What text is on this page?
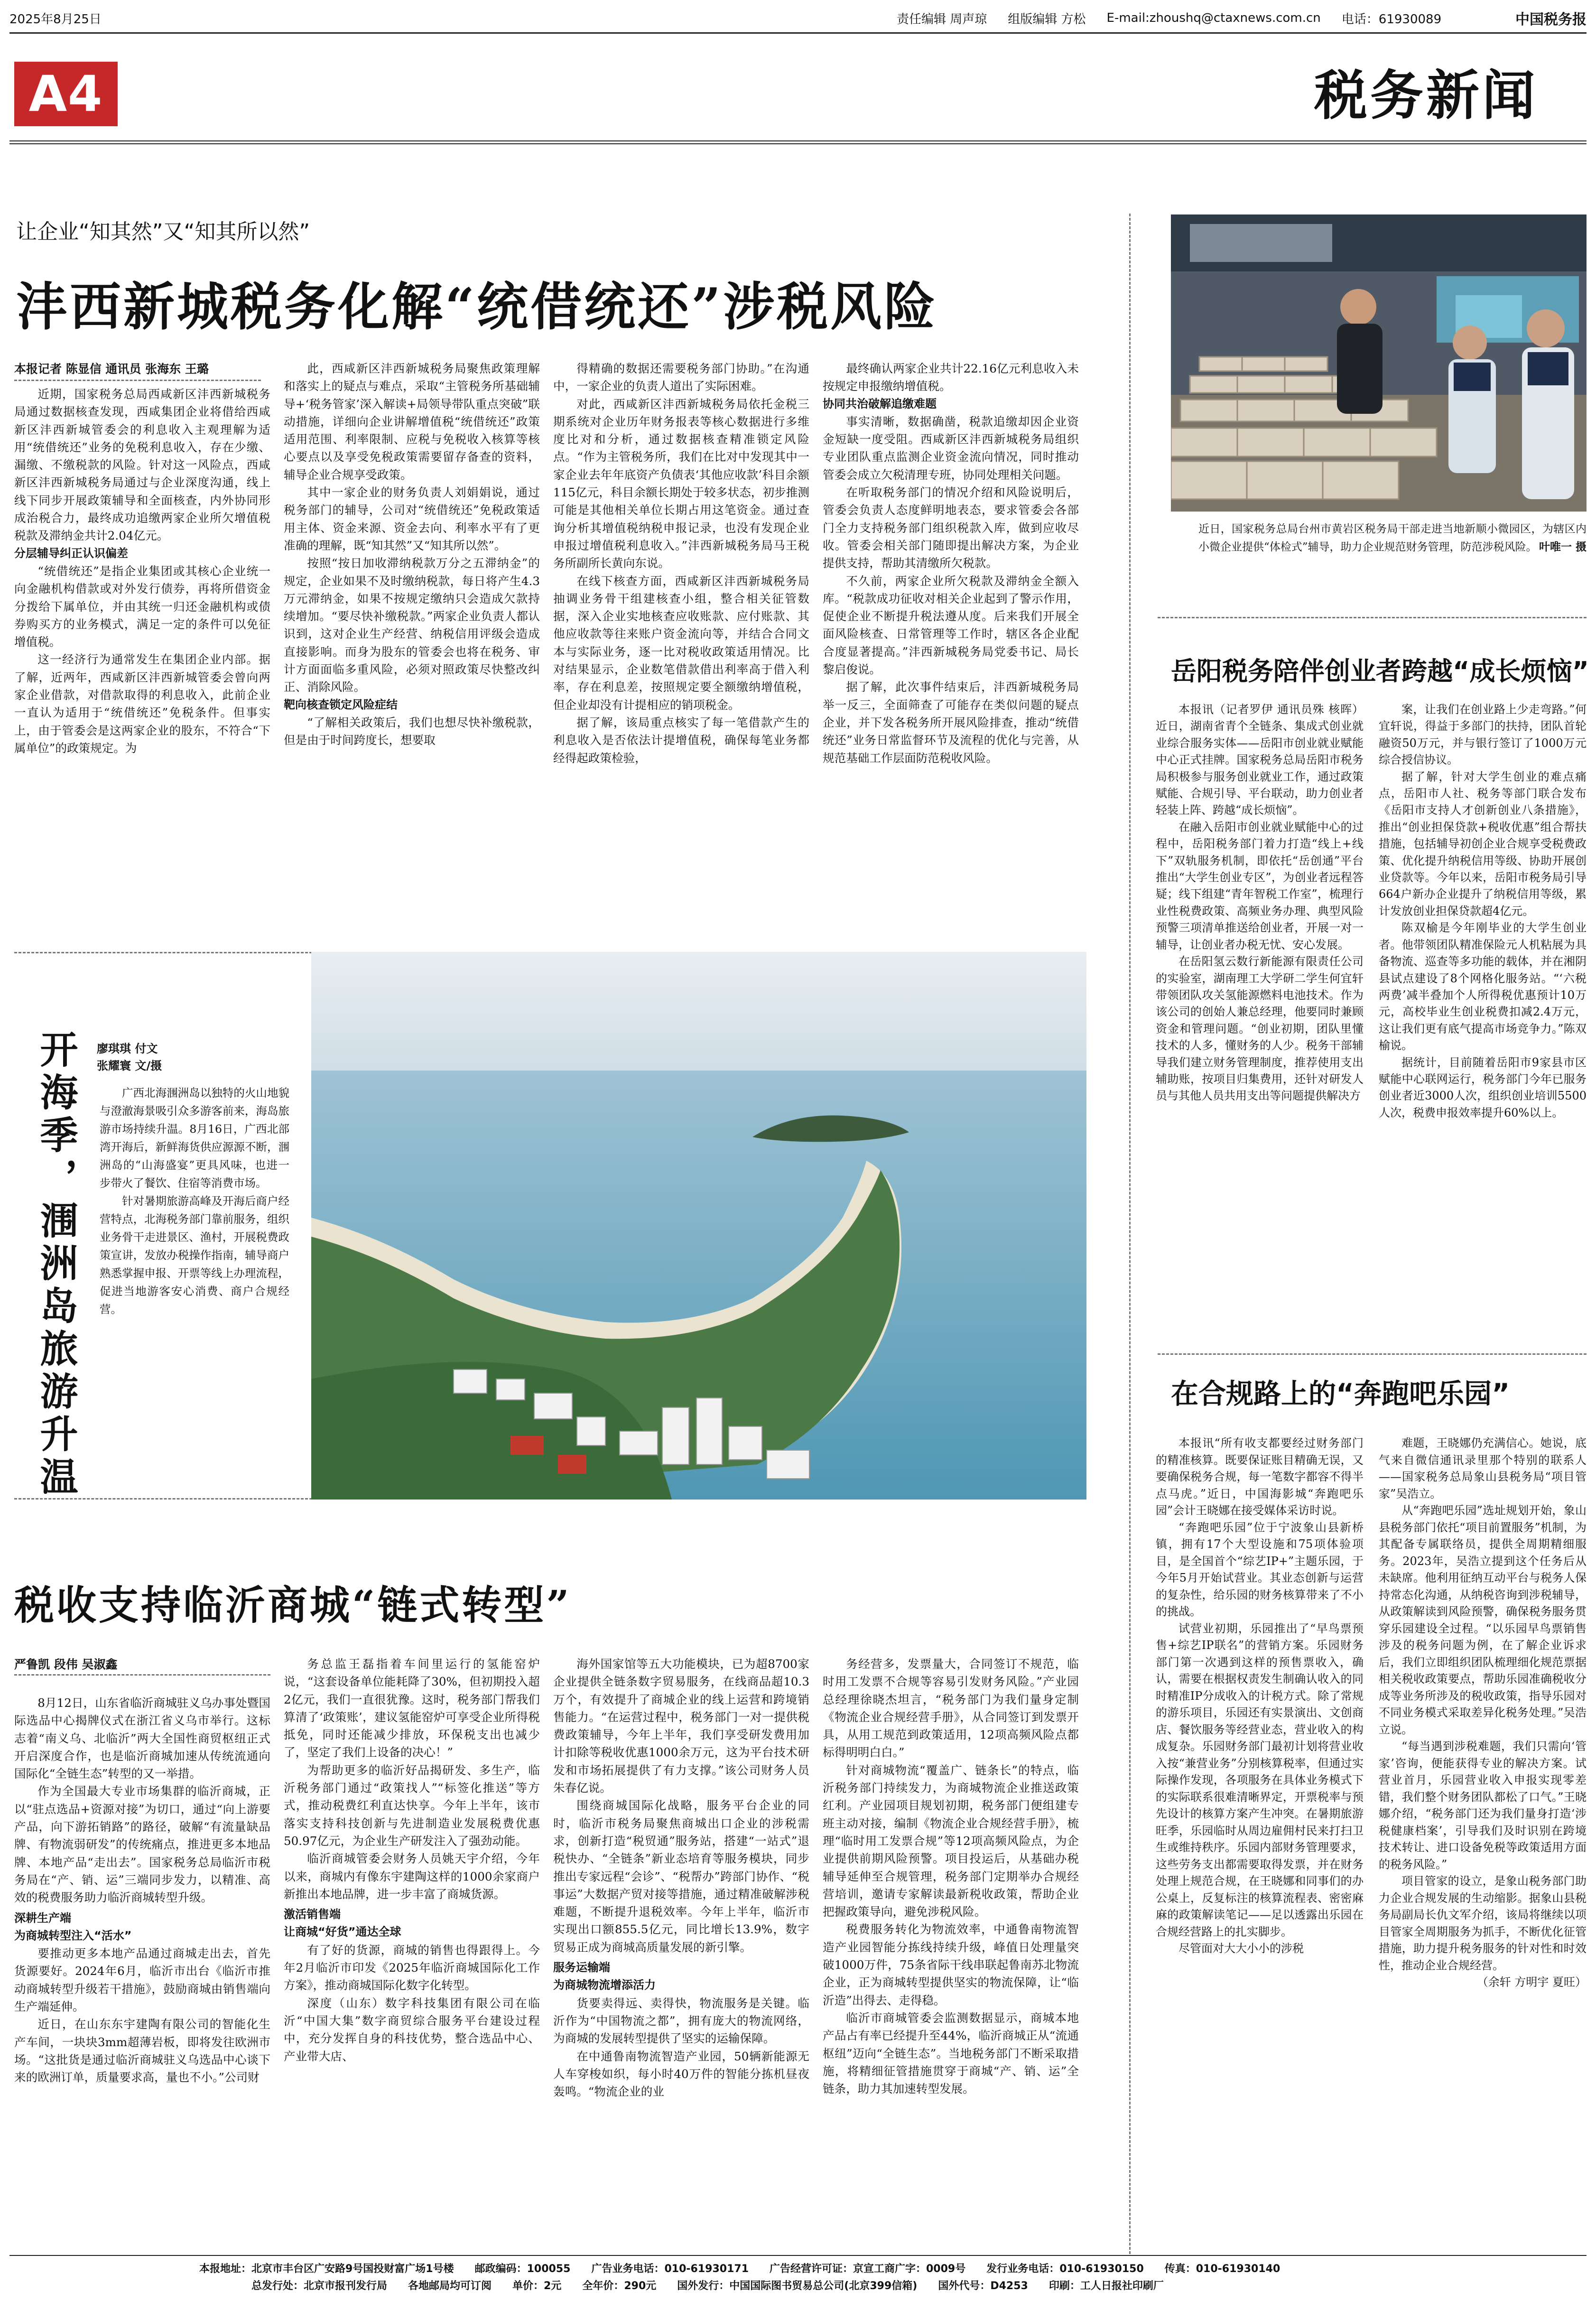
2025年8月25日	责任编辑 周声琼 组版编辑 方松 E-mail:zhoushq@ctaxnews.com.cn 电话：61930089	中国税务报
A4	税务新闻
让企业“知其然”又“知其所以然”
沣西新城税务化解“统借统还”涉税风险
本报记者 陈显信 通讯员 张海东 王璐

近期，国家税务总局西咸新区沣西新城税务局通过数据核查发现，西咸集团企业将借给西咸新区沣西新城管委会的利息收入主观理解为适用“统借统还”业务的免税利息收入，存在少缴、漏缴、不缴税款的风险。针对这一风险点，西咸新区沣西新城税务局通过与企业深度沟通，线上线下同步开展政策辅导和全面核查，内外协同形成治税合力，最终成功追缴两家企业所欠增值税税款及滞纳金共计2.04亿元。

分层辅导纠正认识偏差

“统借统还”是指企业集团或其核心企业统一向金融机构借款或对外发行债券，再将所借资金分拨给下属单位，并由其统一归还金融机构或债券购买方的业务模式，满足一定的条件可以免征增值税。

这一经济行为通常发生在集团企业内部。据了解，近两年，西咸新区沣西新城管委会曾向两家企业借款，对借款取得的利息收入，此前企业一直认为适用于“统借统还”免税条件。但事实上，由于管委会是这两家企业的股东，不符合“下属单位”的政策规定。为

此，西咸新区沣西新城税务局聚焦政策理解和落实上的疑点与难点，采取“主管税务所基础辅导+‘税务管家’深入解读+局领导带队重点突破”联动措施，详细向企业讲解增值税“统借统还”政策适用范围、利率限制、应税与免税收入核算等核心要点以及享受免税政策需要留存备查的资料，辅导企业合规享受政策。

其中一家企业的财务负责人刘娟娟说，通过税务部门的辅导，公司对“统借统还”免税政策适用主体、资金来源、资金去向、利率水平有了更准确的理解，既“知其然”又“知其所以然”。

按照“按日加收滞纳税款万分之五滞纳金”的规定，企业如果不及时缴纳税款，每日将产生4.3万元滞纳金，如果不按规定缴纳只会造成欠款持续增加。“要尽快补缴税款。”两家企业负责人都认识到，这对企业生产经营、纳税信用评级会造成直接影响。而身为股东的管委会也将在税务、审计方面面临多重风险，必须对照政策尽快整改纠正、消除风险。

靶向核查锁定风险症结

“了解相关政策后，我们也想尽快补缴税款，但是由于时间跨度长，想要取

得精确的数据还需要税务部门协助。”在沟通中，一家企业的负责人道出了实际困难。

对此，西咸新区沣西新城税务局依托金税三期系统对企业历年财务报表等核心数据进行多维度比对和分析，通过数据核查精准锁定风险点。“作为主管税务所，我们在比对中发现其中一家企业去年年底资产负债表‘其他应收款’科目余额115亿元，科目余额长期处于较多状态，初步推测可能是其他相关单位长期占用这笔资金。通过查询分析其增值税纳税申报记录，也没有发现企业申报过增值税利息收入。”沣西新城税务局马王税务所副所长黄向东说。

在线下核查方面，西咸新区沣西新城税务局抽调业务骨干组建核查小组，整合相关征管数据，深入企业实地核查应收账款、应付账款、其他应收款等往来账户资金流向等，并结合合同文本与实际业务，逐一比对税收政策适用情况。比对结果显示，企业数笔借款借出利率高于借入利率，存在利息差，按照规定要全额缴纳增值税，但企业却没有计提相应的销项税金。

据了解，该局重点核实了每一笔借款产生的利息收入是否依法计提增值税，确保每笔业务都经得起政策检验，

最终确认两家企业共计22.16亿元利息收入未按规定申报缴纳增值税。

协同共治破解追缴难题

事实清晰，数据确凿，税款追缴却因企业资金短缺一度受阻。西咸新区沣西新城税务局组织专业团队重点监测企业资金流向情况，同时推动管委会成立欠税清理专班，协同处理相关问题。

在听取税务部门的情况介绍和风险说明后，管委会负责人态度鲜明地表态，要求管委会各部门全力支持税务部门组织税款入库，做到应收尽收。管委会相关部门随即提出解决方案，为企业提供支持，帮助其清缴所欠税款。

不久前，两家企业所欠税款及滞纳金全额入库。“税款成功征收对相关企业起到了警示作用，促使企业不断提升税法遵从度。后来我们开展全面风险核查、日常管理等工作时，辖区各企业配合度显著提高。”沣西新城税务局党委书记、局长黎启俊说。

据了解，此次事件结束后，沣西新城税务局举一反三，全面筛查了可能存在类似问题的疑点企业，并下发各税务所开展风险排查，推动“统借统还”业务日常监督环节及流程的优化与完善，从规范基础工作层面防范税收风险。

近日，国家税务总局台州市黄岩区税务局干部走进当地新顺小微园区，为辖区内小微企业提供“体检式”辅导，助力企业规范财务管理，防范涉税风险。 叶唯一 摄
岳阳税务陪伴创业者跨越“成长烦恼”

本报讯（记者罗伊 通讯员殊 核晖）近日，湖南省青个全链条、集成式创业就业综合服务实体——岳阳市创业就业赋能中心正式挂牌。国家税务总局岳阳市税务局积极参与服务创业就业工作，通过政策赋能、合规引导、平台联动，助力创业者轻装上阵、跨越“成长烦恼”。

在融入岳阳市创业就业赋能中心的过程中，岳阳税务部门着力打造“线上+线下”双轨服务机制，即依托“岳创通”平台推出“大学生创业专区”，为创业者远程答疑；线下组建“青年智税工作室”，梳理行业性税费政策、高频业务办理、典型风险预警三项清单推送给创业者，开展一对一辅导，让创业者办税无忧、安心发展。

在岳阳氢云数行新能源有限责任公司的实验室，湖南理工大学研二学生何宜轩带领团队攻关氢能源燃料电池技术。作为该公司的创始人兼总经理，他要同时兼顾资金和管理问题。“创业初期，团队里懂技术的人多，懂财务的人少。税务干部辅导我们建立财务管理制度，推荐使用支出辅助账，按项目归集费用，还针对研发人员与其他人员共用支出等问题提供解决方

案，让我们在创业路上少走弯路。”何宜轩说，得益于多部门的扶持，团队首轮融资50万元，并与银行签订了1000万元综合授信协议。

据了解，针对大学生创业的难点痛点，岳阳市人社、税务等部门联合发布《岳阳市支持人才创新创业八条措施》，推出“创业担保贷款+税收优惠”组合帮扶措施，包括辅导初创企业合规享受税费政策、优化提升纳税信用等级、协助开展创业贷款等。今年以来，岳阳市税务局引导664户新办企业提升了纳税信用等级，累计发放创业担保贷款超4亿元。

陈双榆是今年刚毕业的大学生创业者。他带领团队精准保险元人机粘展为具备物流、巡查等多功能的载体，并在湘阴县试点建设了8个网格化服务站。“‘六税两费’减半叠加个人所得税优惠预计10万元，高校毕业生创业税费扣减2.4万元，这让我们更有底气提高市场竞争力。”陈双榆说。

据统计，目前随着岳阳市9家县市区赋能中心联网运行，税务部门今年已服务创业者近3000人次，组织创业培训5500人次，税费申报效率提升60%以上。

在合规路上的“奔跑吧乐园”

本报讯“所有收支都要经过财务部门的精准核算。既要保证账目精确无误，又要确保税务合规，每一笔数字都容不得半点马虎。”近日，中国海影城“奔跑吧乐园”会计王晓娜在接受媒体采访时说。

“奔跑吧乐园”位于宁波象山县新桥镇，拥有17个大型设施和75项体验项目，是全国首个“综艺IP+”主题乐园，于今年5月开始试营业。其业态创新与运营的复杂性，给乐园的财务核算带来了不小的挑战。

试营业初期，乐园推出了“早鸟票预售+综艺IP联名”的营销方案。乐园财务部门第一次遇到这样的预售票收入，确认，需要在根据权责发生制确认收入的同时精准IP分成收入的计税方式。除了常规的游乐项目，乐园还有实景演出、文创商店、餐饮服务等经营业态，营业收入的构成复杂。乐园财务部门最初计划将营业收入按“兼营业务”分别核算税率，但通过实际操作发现，各项服务在具体业务模式下的实际联系很难清晰界定，开票税率与预先设计的核算方案产生冲突。在暑期旅游旺季，乐园临时从周边雇佣村民来打扫卫生或维持秩序。乐园内部财务管理要求，这些劳务支出都需要取得发票，并在财务处理上规范合规，在王晓娜和同事们的办公桌上，反复标注的核算流程表、密密麻麻的政策解读笔记——足以透露出乐园在合规经营路上的扎实脚步。

尽管面对大大小小的涉税

难题，王晓娜仍充满信心。她说，底气来自微信通讯录里那个特别的联系人——国家税务总局象山县税务局“项目管家”吴浩立。

从“奔跑吧乐园”选址规划开始，象山县税务部门依托“项目前置服务”机制，为其配备专属联络员，提供全周期精细服务。2023年，吴浩立提到这个任务后从未缺席。他利用征纳互动平台与税务人保持常态化沟通，从纳税咨询到涉税辅导，从政策解读到风险预警，确保税务服务贯穿乐园建设全过程。“以乐园早鸟票销售涉及的税务问题为例，在了解企业诉求后，我们立即组织团队梳理细化规范票据相关税收政策要点，帮助乐园准确税收分成等业务所涉及的税收政策，指导乐园对不同业务模式采取差异化税务处理。”吴浩立说。

“每当遇到涉税难题，我们只需向‘管家’咨询，便能获得专业的解决方案。试营业首月，乐园营业收入申报实现零差错，我们整个财务团队都松了口气。”王晓娜介绍，“税务部门还为我们量身打造‘涉税健康档案’，引导我们及时识别在跨境技术转让、进口设备免税等政策适用方面的税务风险。”

项目管家的设立，是象山税务部门助力企业合规发展的生动缩影。据象山县税务局副局长仇文军介绍，该局将继续以项目管家全周期服务为抓手，不断优化征管措施，助力提升税务服务的针对性和时效性，推动企业合规经营。

（余轩 方明宇 夏旺）

开海季，涠洲岛旅游升温 廖琪琪 付文
张耀寰 文/摄

广西北海涠洲岛以独特的火山地貌与澄澈海景吸引众多游客前来，海岛旅游市场持续升温。8月16日，广西北部湾开海后，新鲜海货供应源源不断，涠洲岛的“山海盛宴”更具风味，也进一步带火了餐饮、住宿等消费市场。

针对暑期旅游高峰及开海后商户经营特点，北海税务部门靠前服务，组织业务骨干走进景区、渔村，开展税费政策宣讲，发放办税操作指南，辅导商户熟悉掌握申报、开票等线上办理流程，促进当地游客安心消费、商户合规经营。

税收支持临沂商城“链式转型”
严鲁凯 段伟 吴淑鑫

8月12日，山东省临沂商城驻义乌办事处暨国际选品中心揭牌仪式在浙江省义乌市举行。这标志着“南义乌、北临沂”两大全国性商贸枢纽正式开启深度合作，也是临沂商城加速从传统流通向国际化“全链生态”转型的又一举措。

作为全国最大专业市场集群的临沂商城，正以“驻点选品+资源对接”为切口，通过“向上游要产品，向下游拓销路”的路径，破解“有流量缺品牌、有物流弱研发”的传统痛点，推进更多本地品牌、本地产品“走出去”。国家税务总局临沂市税务局在“产、销、运”三端同步发力，以精准、高效的税费服务助力临沂商城转型升级。

深耕生产端

为商城转型注入“活水”

要推动更多本地产品通过商城走出去，首先货源要好。2024年6月，临沂市出台《临沂市推动商城转型升级若干措施》，鼓励商城由销售端向生产端延伸。

近日，在山东东宇建陶有限公司的智能化生产车间，一块块3mm超薄岩板，即将发往欧洲市场。“这批货是通过临沂商城驻义乌选品中心谈下来的欧洲订单，质量要求高，量也不小。”公司财

务总监王磊指着车间里运行的氢能窑炉说，“这套设备单位能耗降了30%，但初期投入超2亿元，我们一直很犹豫。这时，税务部门帮我们算清了‘政策账’，建议氢能窑炉可享受企业所得税抵免，同时还能减少排放，环保税支出也减少了，坚定了我们上设备的决心！”

为帮助更多的临沂好品揭研发、多生产，临沂税务部门通过“政策找人”“标签化推送”等方式，推动税费红利直达快享。今年上半年，该市落实支持科技创新与先进制造业发展税费优惠50.97亿元，为企业生产研发注入了强劲动能。

临沂商城管委会财务人员姚天宇介绍，今年以来，商城内有像东宇建陶这样的1000余家商户新推出本地品牌，进一步丰富了商城货源。

激活销售端

让商城“好货”通达全球

有了好的货源，商城的销售也得跟得上。今年2月临沂市印发《2025年临沂商城国际化工作方案》，推动商城国际化数字化转型。

深度（山东）数字科技集团有限公司在临沂“中国大集”数字商贸综合服务平台建设过程中，充分发挥自身的科技优势，整合选品中心、产业带大店、

海外国家馆等五大功能模块，已为超8700家企业提供全链条数字贸易服务，在线商品超10.3万个，有效提升了商城企业的线上运营和跨境销售能力。“在运营过程中，税务部门一对一提供税费政策辅导，今年上半年，我们享受研发费用加计扣除等税收优惠1000余万元，这为平台技术研发和市场拓展提供了有力支撑。”该公司财务人员朱春亿说。

围绕商城国际化战略，服务平台企业的同时，临沂市税务局聚焦商城出口企业的涉税需求，创新打造“税贸通”服务站，搭建“一站式”退税快办、“全链条”新业态培育等服务模块，同步推出专家远程“会诊”、“税帮办”跨部门协作、“税事运”大数据产贸对接等措施，通过精准破解涉税难题，不断提升退税效率。今年上半年，临沂市实现出口额855.5亿元，同比增长13.9%，数字贸易正成为商城高质量发展的新引擎。

服务运输端

为商城物流增添活力

货要卖得远、卖得快，物流服务是关键。临沂作为“中国物流之都”，拥有庞大的物流网络，为商城的发展转型提供了坚实的运输保障。

在中通鲁南物流智造产业园，50辆新能源无人车穿梭如织，每小时40万件的智能分拣机昼夜轰鸣。“物流企业的业

务经营多，发票量大，合同签订不规范，临时用工发票不合规等容易引发财务风险。”产业园总经理徐晓杰坦言，“税务部门为我们量身定制《物流企业合规经营手册》，从合同签订到发票开具，从用工规范到政策适用，12项高频风险点都标得明明白白。”

针对商城物流“覆盖广、链条长”的特点，临沂税务部门持续发力，为商城物流企业推送政策红利。产业园项目规划初期，税务部门便组建专班主动对接，编制《物流企业合规经营手册》，梳理“临时用工发票合规”等12项高频风险点，为企业提供前期风险预警。项目投运后，从基础办税辅导延伸至合规管理，税务部门定期举办合规经营培训，邀请专家解读最新税收政策，帮助企业把握政策导向，避免涉税风险。

税费服务转化为物流效率，中通鲁南物流智造产业园智能分拣线持续升级，峰值日处理量突破1000万件，75条省际干线串联起鲁南苏北物流企业，正为商城转型提供坚实的物流保障，让“临沂造”出得去、走得稳。

临沂市商城管委会监测数据显示，商城本地产品占有率已经提升至44%，临沂商城正从“流通枢纽”迈向“全链生态”。当地税务部门不断采取措施，将精细征管措施贯穿于商城“产、销、运”全链条，助力其加速转型发展。

本报地址：北京市丰台区广安路9号国投财富广场1号楼 邮政编码：100055 广告业务电话：010-61930171 广告经营许可证：京宣工商广字：0009号 发行业务电话：010-61930150 传真：010-61930140
总发行处：北京市报刊发行局 各地邮局均可订阅 单价：2元 全年价：290元 国外发行：中国国际图书贸易总公司(北京399信箱) 国外代号：D4253 印刷：工人日报社印刷厂
